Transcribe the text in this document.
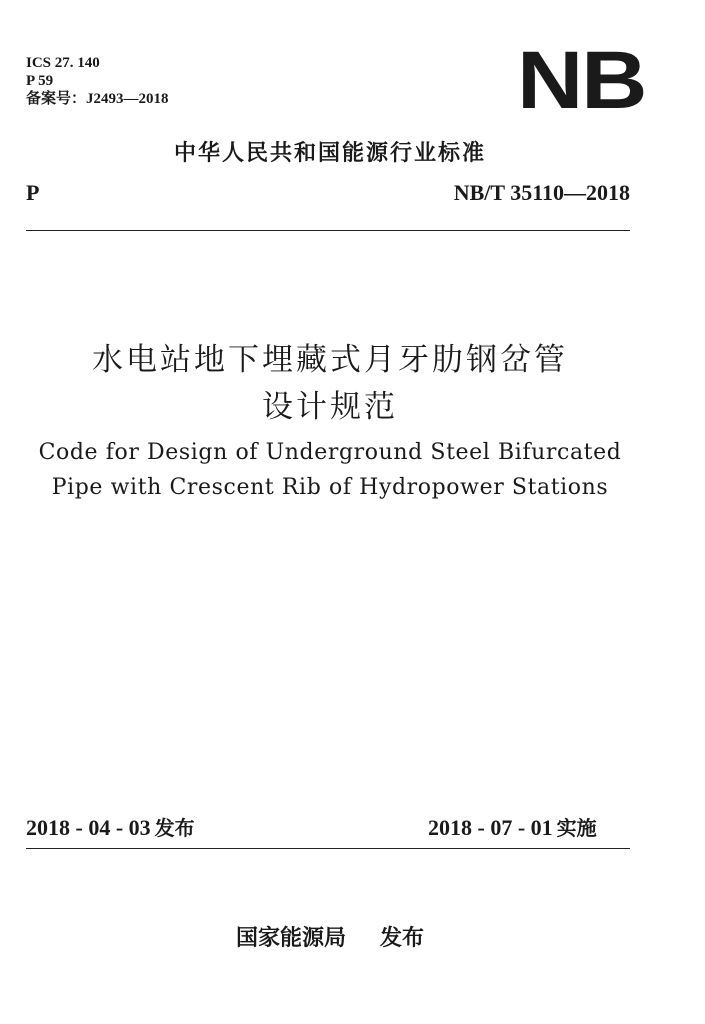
ICS 27. 140
P 59
备案号：J2493—2018	NB
中华人民共和国能源行业标准
P	NB/T 35110—2018
水电站地下埋藏式月牙肋钢岔管
设计规范
Code for Design of Underground Steel Bifurcated
Pipe with Crescent Rib of Hydropower Stations
2018 - 04 - 03 发布	2018 - 07 - 01 实施
国家能源局 发布
